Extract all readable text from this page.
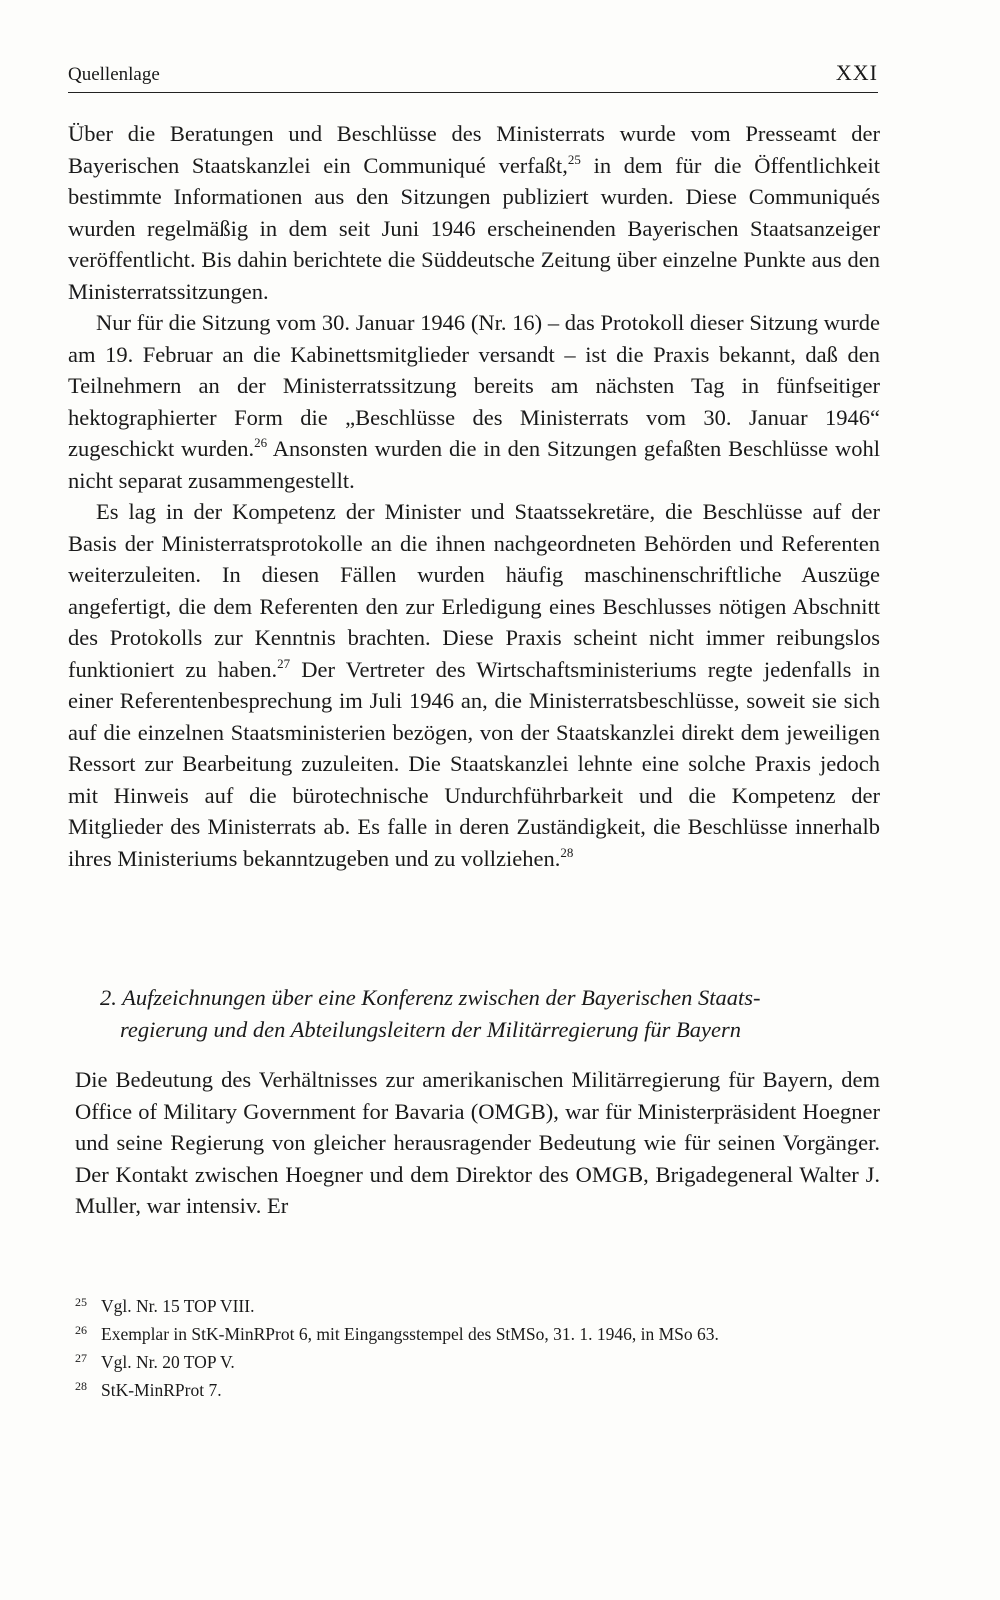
Quellenlage	XXI

Über die Beratungen und Beschlüsse des Ministerrats wurde vom Presseamt der Bayerischen Staatskanzlei ein Communiqué verfaßt,$^{25}$ in dem für die Öffentlichkeit bestimmte Informationen aus den Sitzungen publiziert wurden. Diese Communiqués wurden regelmäßig in dem seit Juni 1946 erscheinenden Bayerischen Staatsanzeiger veröffentlicht. Bis dahin berichtete die Süddeutsche Zeitung über einzelne Punkte aus den Ministerratssitzungen.

Nur für die Sitzung vom 30. Januar 1946 (Nr. 16) – das Protokoll dieser Sitzung wurde am 19. Februar an die Kabinettsmitglieder versandt – ist die Praxis bekannt, daß den Teilnehmern an der Ministerratssitzung bereits am nächsten Tag in fünfseitiger hektographierter Form die „Beschlüsse des Ministerrats vom 30. Januar 1946“ zugeschickt wurden.$^{26}$ Ansonsten wurden die in den Sitzungen gefaßten Beschlüsse wohl nicht separat zusammengestellt.

Es lag in der Kompetenz der Minister und Staatssekretäre, die Beschlüsse auf der Basis der Ministerratsprotokolle an die ihnen nachgeordneten Behörden und Referenten weiterzuleiten. In diesen Fällen wurden häufig maschinenschriftliche Auszüge angefertigt, die dem Referenten den zur Erledigung eines Beschlusses nötigen Abschnitt des Protokolls zur Kenntnis brachten. Diese Praxis scheint nicht immer reibungslos funktioniert zu haben.$^{27}$ Der Vertreter des Wirtschaftsministeriums regte jedenfalls in einer Referentenbesprechung im Juli 1946 an, die Ministerratsbeschlüsse, soweit sie sich auf die einzelnen Staatsministerien bezögen, von der Staatskanzlei direkt dem jeweiligen Ressort zur Bearbeitung zuzuleiten. Die Staatskanzlei lehnte eine solche Praxis jedoch mit Hinweis auf die bürotechnische Undurchführbarkeit und die Kompetenz der Mitglieder des Ministerrats ab. Es falle in deren Zuständigkeit, die Beschlüsse innerhalb ihres Ministeriums bekanntzugeben und zu vollziehen.$^{28}$

2. Aufzeichnungen über eine Konferenz zwischen der Bayerischen Staats-
regierung und den Abteilungsleitern der Militärregierung für Bayern

Die Bedeutung des Verhältnisses zur amerikanischen Militärregierung für Bayern, dem Office of Military Government for Bavaria (OMGB), war für Ministerpräsident Hoegner und seine Regierung von gleicher herausragender Bedeutung wie für seinen Vorgänger. Der Kontakt zwischen Hoegner und dem Direktor des OMGB, Brigadegeneral Walter J. Muller, war intensiv. Er

25 Vgl. Nr. 15 TOP VIII.
26 Exemplar in StK-MinRProt 6, mit Eingangsstempel des StMSo, 31. 1. 1946, in MSo 63.
27 Vgl. Nr. 20 TOP V.
28 StK-MinRProt 7.
